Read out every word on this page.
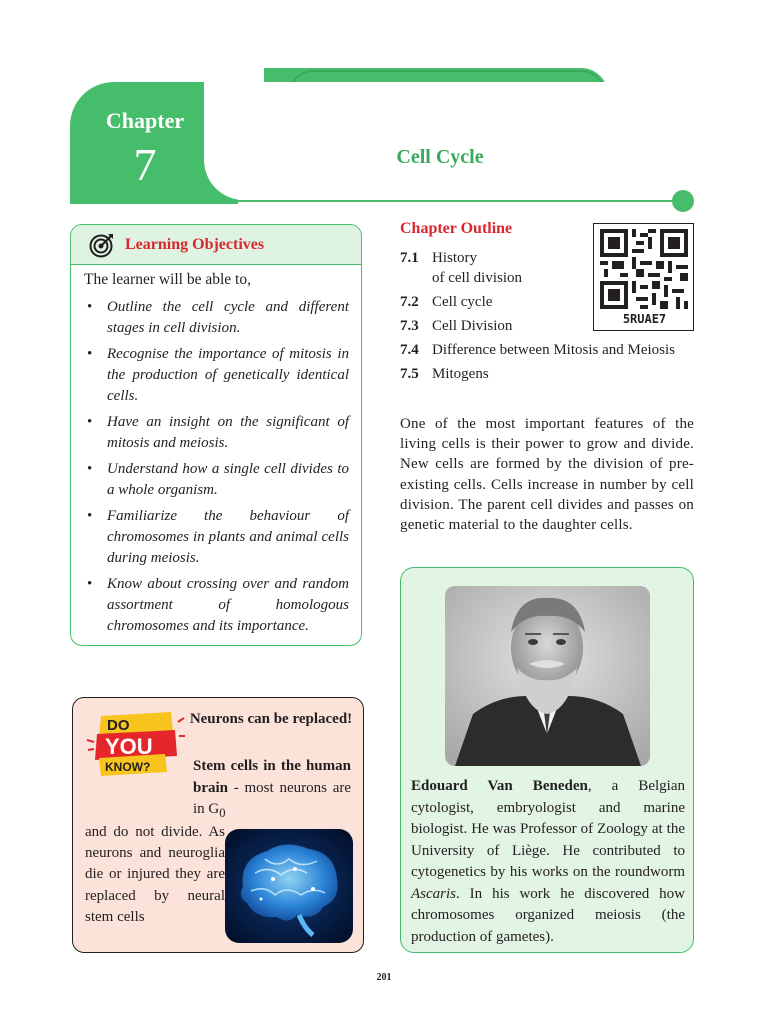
Chapter
7	Cell Cycle
Learning Objectives
The learner will be able to,
• Outline the cell cycle and different stages in cell division.
• Recognise the importance of mitosis in the production of genetically identical cells.
• Have an insight on the significant of mitosis and meiosis.
• Understand how a single cell divides to a whole organism.
• Familiarize the behaviour of chromosomes in plants and animal cells during meiosis.
• Know about crossing over and random assortment of homologous chromosomes and its importance.
Chapter Outline
7.1 History
of cell division
7.2 Cell cycle
7.3 Cell Division
7.4 Difference between Mitosis and Meiosis
7.5 Mitogens
5RUAE7

One of the most important features of the living cells is their power to grow and divide. New cells are formed by the division of pre-existing cells. Cells increase in number by cell division. The parent cell divides and passes on genetic material to the daughter cells.

Edouard Van Beneden, a Belgian cytologist, embryologist and marine biologist. He was Professor of Zoology at the University of Liège. He contributed to cytogenetics by his works on the roundworm Ascaris. In his work he discovered how chromosomes organized meiosis (the production of gametes).

DO
YOU
KNOW?
Neurons can be replaced!

Stem cells in the human brain - most neurons are in $G_0$

and do not divide. As neurons and neuroglia die or injured they are replaced by neural stem cells

201
